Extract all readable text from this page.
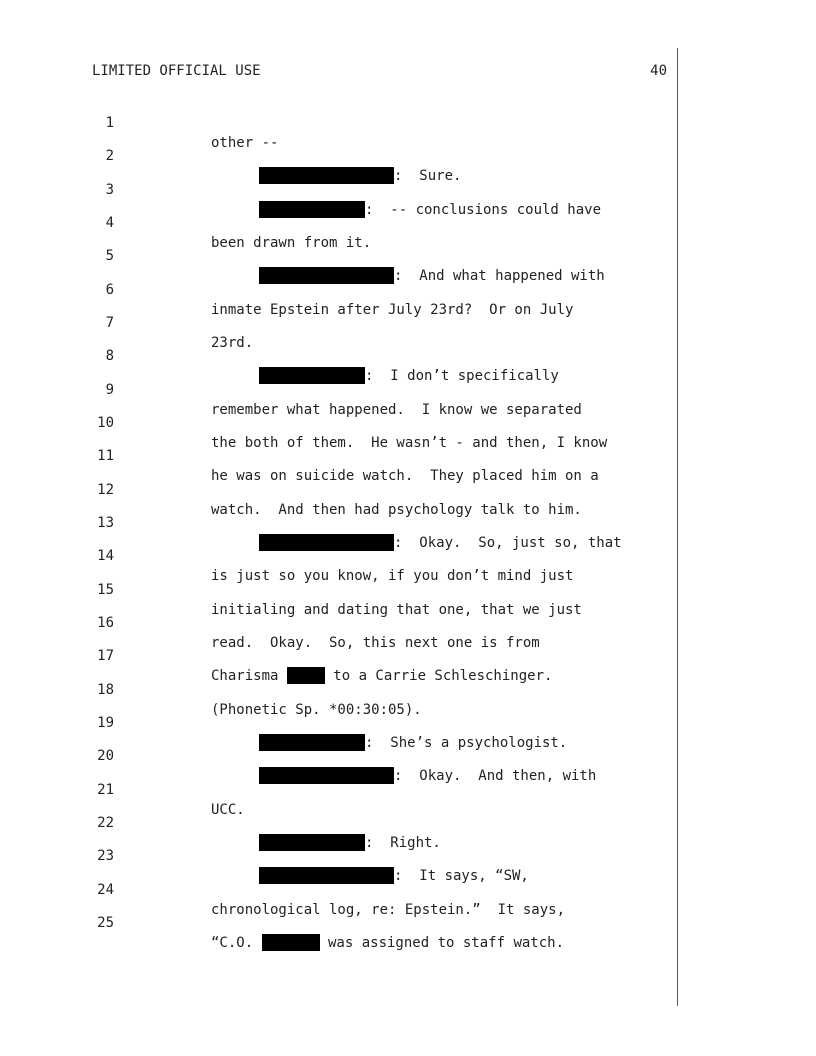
LIMITED OFFICIAL USE	40

1

other --

2

:  Sure.

3

:  -- conclusions could have

4

been drawn from it.

5

:  And what happened with

6

inmate Epstein after July 23rd?  Or on July

7

23rd.

8

:  I don’t specifically

9

remember what happened.  I know we separated

10

the both of them.  He wasn’t - and then, I know

11

he was on suicide watch.  They placed him on a

12

watch.  And then had psychology talk to him.

13

:  Okay.  So, just so, that

14

is just so you know, if you don’t mind just

15

initialing and dating that one, that we just

16

read.  Okay.  So, this next one is from

17

Charisma	to a Carrie Schleschinger.

18

(Phonetic Sp. *00:30:05).

19

:  She’s a psychologist.

20

:  Okay.  And then, with

21

UCC.

22

:  Right.

23

:  It says, “SW,

24

chronological log, re: Epstein.”  It says,

25

“C.O.	was assigned to staff watch.
